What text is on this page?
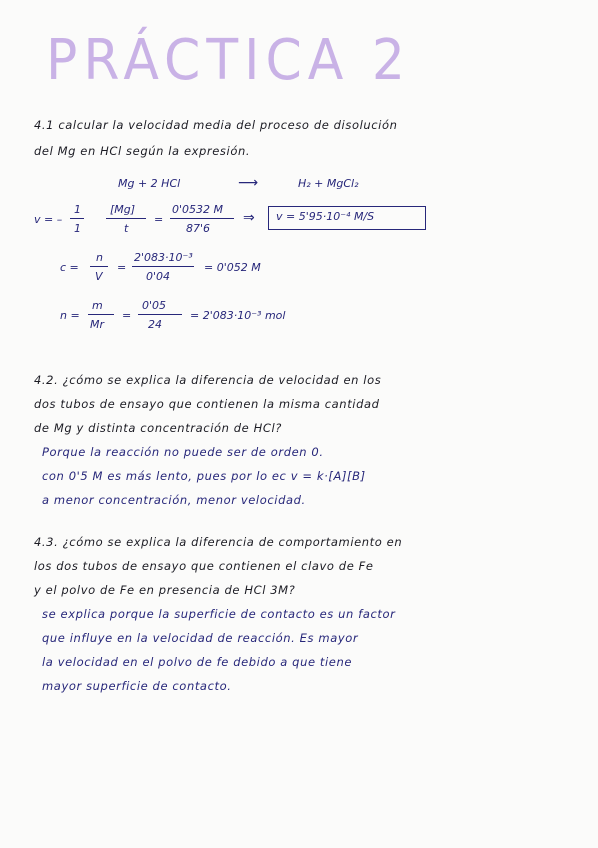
PRÁCTICA 2
4.1 calcular la velocidad media del proceso de disolución
del Mg en HCl según la expresión.
Mg + 2 HCl	⟶	H₂ + MgCl₂
v = –
1
1
[Mg]
t
=
0'0532 M
87'6
⇒ v = 5'95·10⁻⁴ M/S
c =
n
V
=
2'083·10⁻³
0'04
= 0'052 M
n =
m
Mr
=
0'05
24
= 2'083·10⁻³ mol
4.2. ¿cómo se explica la diferencia de velocidad en los
dos tubos de ensayo que contienen la misma cantidad
de Mg y distinta concentración de HCl?
Porque la reacción no puede ser de orden 0.
con 0'5 M es más lento, pues por lo ec v = k·[A][B]
a menor concentración, menor velocidad.
4.3. ¿cómo se explica la diferencia de comportamiento en
los dos tubos de ensayo que contienen el clavo de Fe
y el polvo de Fe en presencia de HCl 3M?
se explica porque la superficie de contacto es un factor
que influye en la velocidad de reacción. Es mayor
la velocidad en el polvo de fe debido a que tiene
mayor superficie de contacto.
